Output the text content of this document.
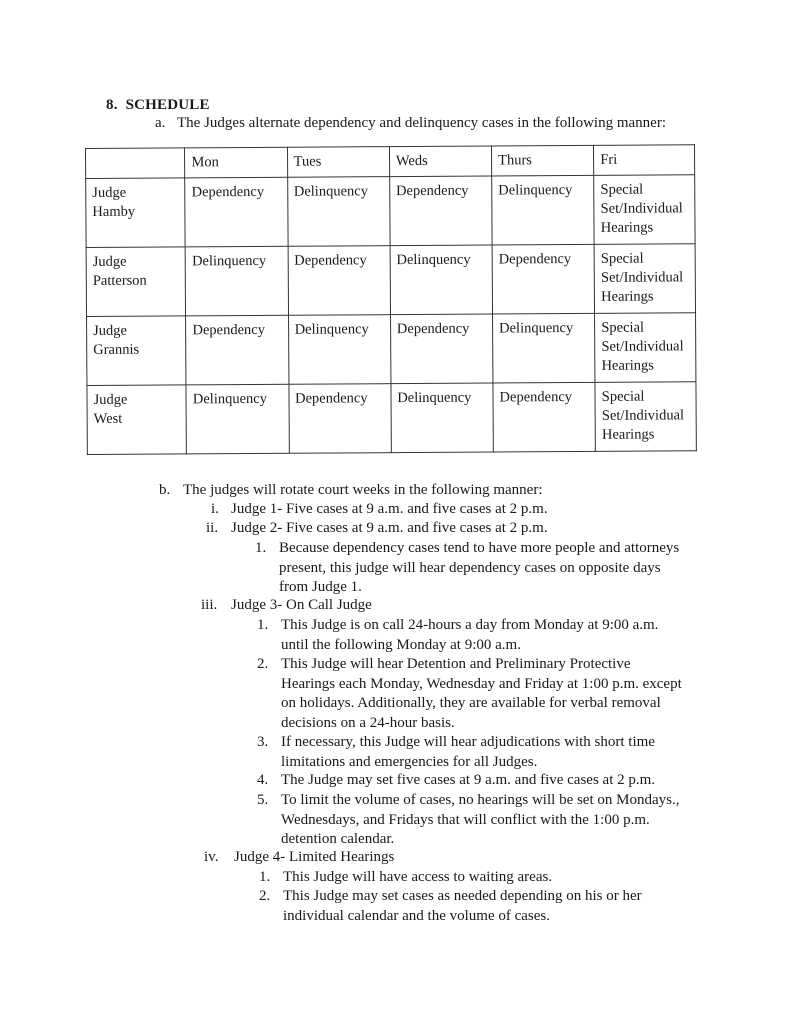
8. SCHEDULE
a. The Judges alternate dependency and delinquency cases in the following manner:
	Mon	Tues	Weds	Thurs	Fri
Judge
Hamby	Dependency	Delinquency	Dependency	Delinquency	Special
Set/Individual
Hearings
Judge
Patterson	Delinquency	Dependency	Delinquency	Dependency	Special
Set/Individual
Hearings
Judge
Grannis	Dependency	Delinquency	Dependency	Delinquency	Special
Set/Individual
Hearings
Judge
West	Delinquency	Dependency	Delinquency	Dependency	Special
Set/Individual
Hearings
b. The judges will rotate court weeks in the following manner:
i. Judge 1- Five cases at 9 a.m. and five cases at 2 p.m.
ii. Judge 2- Five cases at 9 a.m. and five cases at 2 p.m.
1. Because dependency cases tend to have more people and attorneys
present, this judge will hear dependency cases on opposite days
from Judge 1.
iii. Judge 3- On Call Judge
1. This Judge is on call 24-hours a day from Monday at 9:00 a.m.
until the following Monday at 9:00 a.m.
2. This Judge will hear Detention and Preliminary Protective
Hearings each Monday, Wednesday and Friday at 1:00 p.m. except
on holidays. Additionally, they are available for verbal removal
decisions on a 24-hour basis.
3. If necessary, this Judge will hear adjudications with short time
limitations and emergencies for all Judges.
4. The Judge may set five cases at 9 a.m. and five cases at 2 p.m.
5. To limit the volume of cases, no hearings will be set on Mondays.,
Wednesdays, and Fridays that will conflict with the 1:00 p.m.
detention calendar.
iv. Judge 4- Limited Hearings
1. This Judge will have access to waiting areas.
2. This Judge may set cases as needed depending on his or her
individual calendar and the volume of cases.
